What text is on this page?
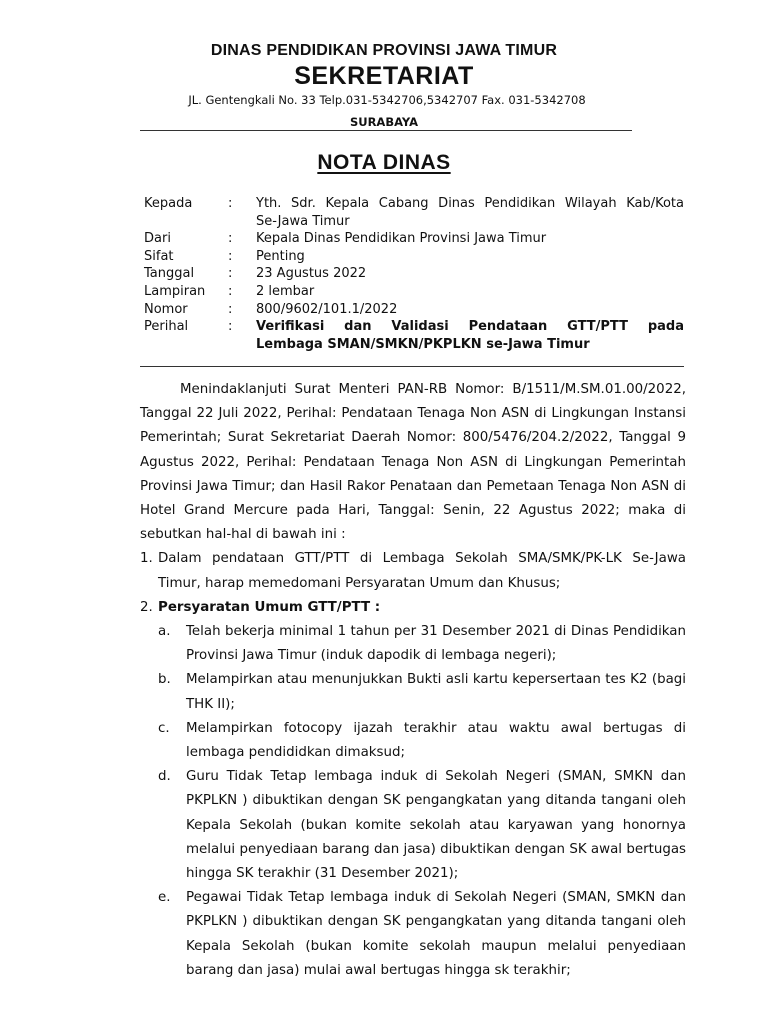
DINAS PENDIDIKAN PROVINSI JAWA TIMUR
SEKRETARIAT
JL. Gentengkali No. 33 Telp.031-5342706,5342707 Fax. 031-5342708
SURABAYA
NOTA DINAS
Kepada	:	Yth. Sdr. Kepala Cabang Dinas Pendidikan Wilayah Kab/Kota
Se-Jawa Timur
Dari	:	Kepala Dinas Pendidikan Provinsi Jawa Timur
Sifat	:	Penting
Tanggal	:	23 Agustus 2022
Lampiran	:	2 lembar
Nomor	:	800/9602/101.1/2022
Perihal	:	Verifikasi dan Validasi Pendataan GTT/PTT pada
Lembaga SMAN/SMKN/PKPLKN se-Jawa Timur

Menindaklanjuti Surat Menteri PAN-RB Nomor: B/1511/M.SM.01.00/2022, Tanggal 22 Juli 2022, Perihal: Pendataan Tenaga Non ASN di Lingkungan Instansi Pemerintah; Surat Sekretariat Daerah Nomor: 800/5476/204.2/2022, Tanggal 9 Agustus 2022, Perihal: Pendataan Tenaga Non ASN di Lingkungan Pemerintah Provinsi Jawa Timur; dan Hasil Rakor Penataan dan Pemetaan Tenaga Non ASN di Hotel Grand Mercure pada Hari, Tanggal: Senin, 22 Agustus 2022; maka di sebutkan hal-hal di bawah ini :

1. Dalam pendataan GTT/PTT di Lembaga Sekolah SMA/SMK/PK-LK Se-Jawa Timur, harap memedomani Persyaratan Umum dan Khusus;
2. Persyaratan Umum GTT/PTT :
a.	Telah bekerja minimal 1 tahun per 31 Desember 2021 di Dinas Pendidikan Provinsi Jawa Timur (induk dapodik di lembaga negeri);
b.	Melampirkan atau menunjukkan Bukti asli kartu kepersertaan tes K2 (bagi THK II);
c.	Melampirkan fotocopy ijazah terakhir atau waktu awal bertugas di lembaga pendididkan dimaksud;
d.	Guru Tidak Tetap lembaga induk di Sekolah Negeri (SMAN, SMKN dan PKPLKN ) dibuktikan dengan SK pengangkatan yang ditanda tangani oleh Kepala Sekolah (bukan komite sekolah atau karyawan yang honornya melalui penyediaan barang dan jasa) dibuktikan dengan SK awal bertugas hingga SK terakhir (31 Desember 2021);
e.	Pegawai Tidak Tetap lembaga induk di Sekolah Negeri (SMAN, SMKN dan PKPLKN ) dibuktikan dengan SK pengangkatan yang ditanda tangani oleh Kepala Sekolah (bukan komite sekolah maupun melalui penyediaan barang dan jasa) mulai awal bertugas hingga sk terakhir;
